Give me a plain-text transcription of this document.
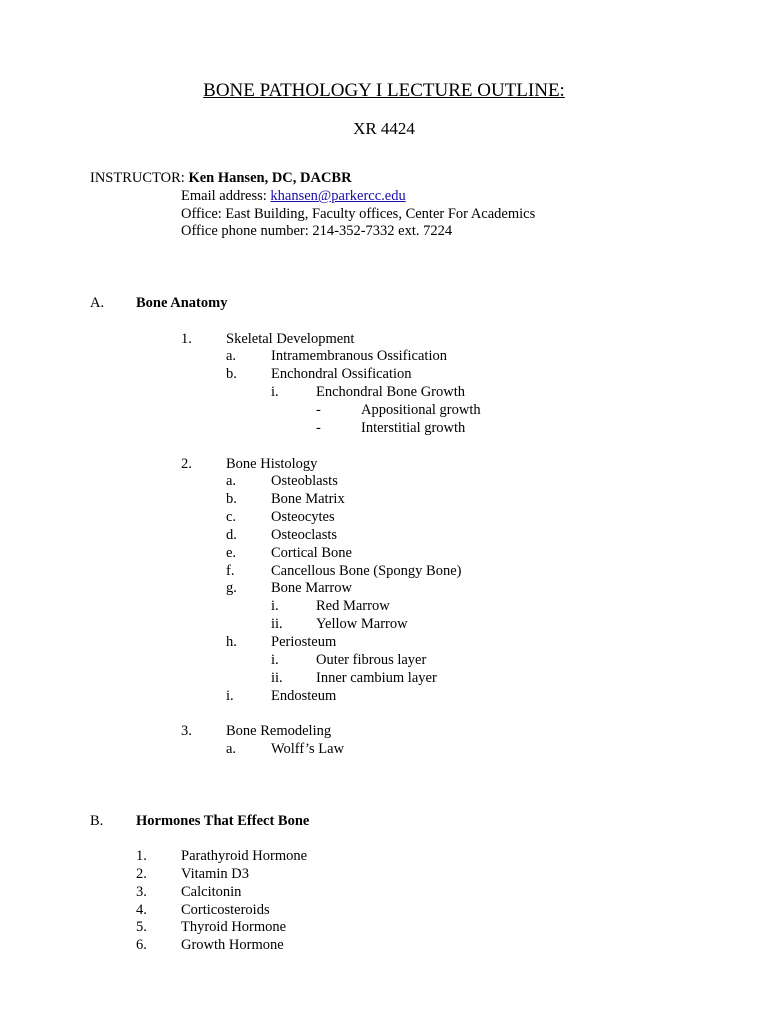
BONE PATHOLOGY I LECTURE OUTLINE:
XR 4424
INSTRUCTOR: Ken Hansen, DC, DACBR
Email address: khansen@parkercc.edu
Office: East Building, Faculty offices, Center For Academics
Office phone number: 214-352-7332 ext. 7224
A. Bone Anatomy
1. Skeletal Development
a. Intramembranous Ossification
b. Enchondral Ossification
i.	Enchondral Bone Growth
-	Appositional growth
-	Interstitial growth
2. Bone Histology
a. Osteoblasts
b. Bone Matrix
c. Osteocytes
d. Osteoclasts
e. Cortical Bone
f.	Cancellous Bone (Spongy Bone)
g. Bone Marrow
i.	Red Marrow
ii. Yellow Marrow
h. Periosteum
i.	Outer fibrous layer
ii. Inner cambium layer
i.	Endosteum
3. Bone Remodeling
a. Wolff’s Law
B. Hormones That Effect Bone
1. Parathyroid Hormone
2. Vitamin D3
3. Calcitonin
4. Corticosteroids
5. Thyroid Hormone
6. Growth Hormone
